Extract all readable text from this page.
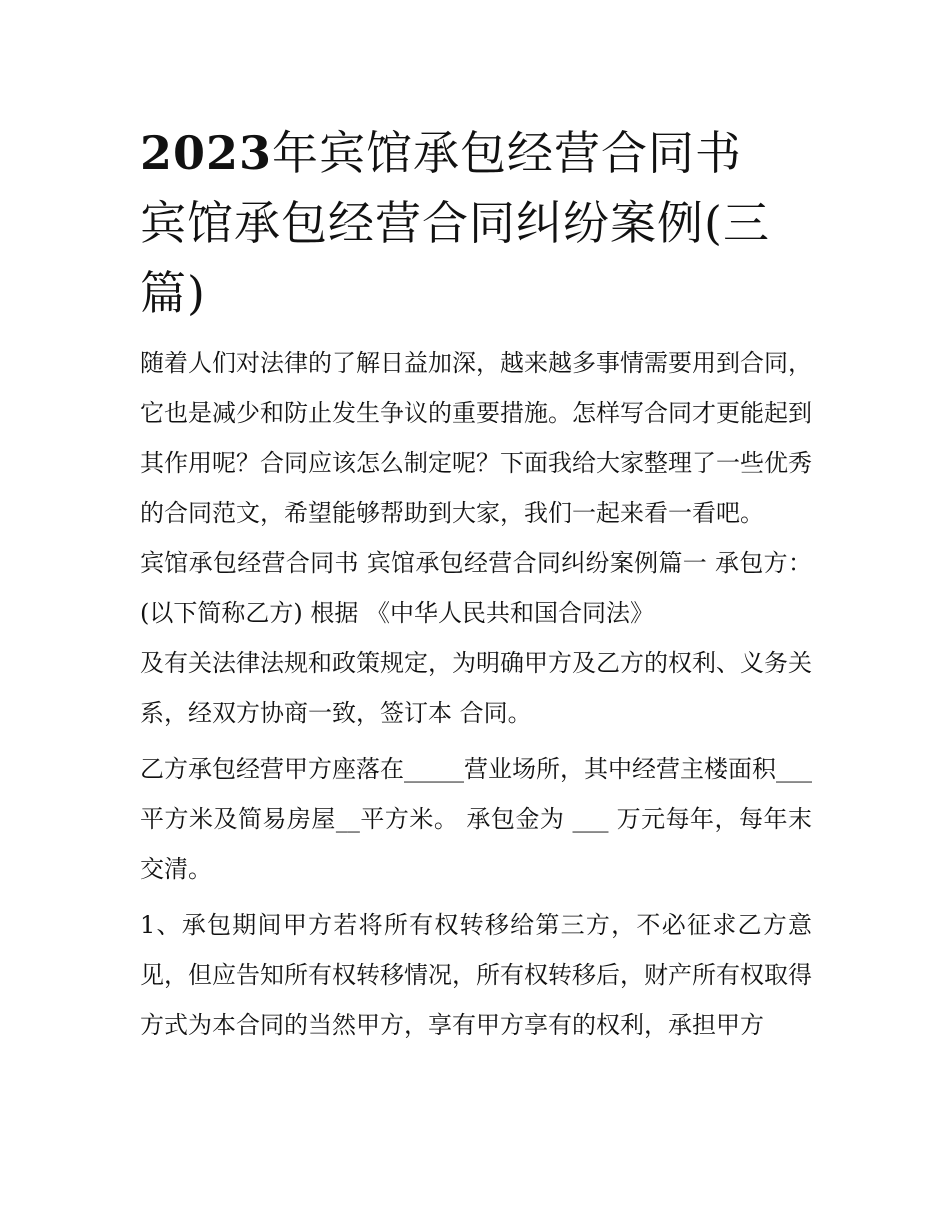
2023年宾馆承包经营合同书
宾馆承包经营合同纠纷案例(三篇)

随着人们对法律的了解日益加深，越来越多事情需要用到合同，它也是减少和防止发生争议的重要措施。怎样写合同才更能起到其作用呢？合同应该怎么制定呢？下面我给大家整理了一些优秀的合同范文，希望能够帮助到大家，我们一起来看一看吧。

宾馆承包经营合同书 宾馆承包经营合同纠纷案例篇一 承包方：(以下简称乙方) 根据 《中华人民共和国合同法》

及有关法律法规和政策规定，为明确甲方及乙方的权利、义务关系，经双方协商一致，签订本 合同。

乙方承包经营甲方座落在_____营业场所，其中经营主楼面积___平方米及简易房屋__平方米。 承包金为 ___ 万元每年，每年末交清。

1、承包期间甲方若将所有权转移给第三方，不必征求乙方意见，但应告知所有权转移情况，所有权转移后，财产所有权取得方式为本合同的当然甲方，享有甲方享有的权利，承担甲方
